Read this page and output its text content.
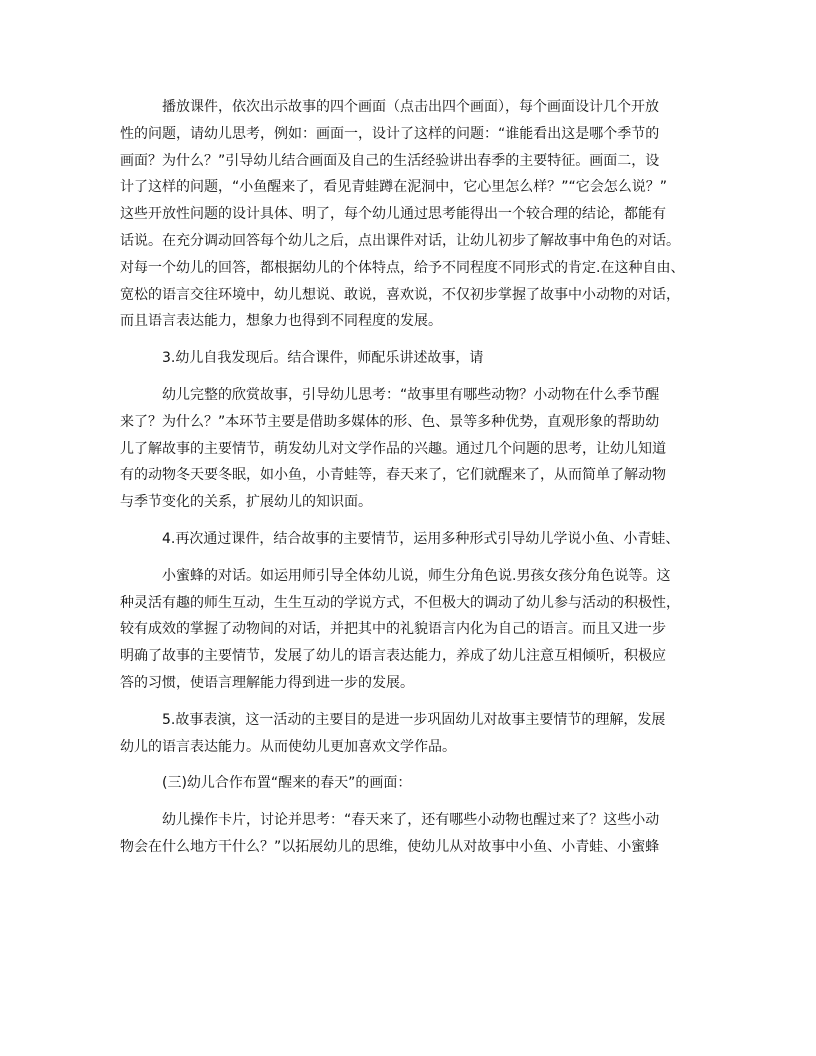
播放课件，依次出示故事的四个画面（点击出四个画面），每个画面设计几个开放
性的问题，请幼儿思考，例如：画面一，设计了这样的问题：“谁能看出这是哪个季节的
画面？为什么？”引导幼儿结合画面及自己的生活经验讲出春季的主要特征。画面二，设
计了这样的问题，“小鱼醒来了，看见青蛙蹲在泥洞中，它心里怎么样？”“它会怎么说？”
这些开放性问题的设计具体、明了，每个幼儿通过思考能得出一个较合理的结论，都能有
话说。在充分调动回答每个幼儿之后，点出课件对话，让幼儿初步了解故事中角色的对话。
对每一个幼儿的回答，都根据幼儿的个体特点，给予不同程度不同形式的肯定.在这种自由、
宽松的语言交往环境中，幼儿想说、敢说，喜欢说，不仅初步掌握了故事中小动物的对话，
而且语言表达能力，想象力也得到不同程度的发展。
3.幼儿自我发现后。结合课件，师配乐讲述故事，请
幼儿完整的欣赏故事，引导幼儿思考：“故事里有哪些动物？小动物在什么季节醒
来了？为什么？”本环节主要是借助多媒体的形、色、景等多种优势，直观形象的帮助幼
儿了解故事的主要情节，萌发幼儿对文学作品的兴趣。通过几个问题的思考，让幼儿知道
有的动物冬天要冬眠，如小鱼，小青蛙等，春天来了，它们就醒来了，从而简单了解动物
与季节变化的关系，扩展幼儿的知识面。
4.再次通过课件，结合故事的主要情节，运用多种形式引导幼儿学说小鱼、小青蛙、
小蜜蜂的对话。如运用师引导全体幼儿说，师生分角色说.男孩女孩分角色说等。这
种灵活有趣的师生互动，生生互动的学说方式，不但极大的调动了幼儿参与活动的积极性，
较有成效的掌握了动物间的对话，并把其中的礼貌语言内化为自己的语言。而且又进一步
明确了故事的主要情节，发展了幼儿的语言表达能力，养成了幼儿注意互相倾听，积极应
答的习惯，使语言理解能力得到进一步的发展。
5.故事表演，这一活动的主要目的是进一步巩固幼儿对故事主要情节的理解，发展
幼儿的语言表达能力。从而使幼儿更加喜欢文学作品。
(三)幼儿合作布置“醒来的春天”的画面：
幼儿操作卡片，讨论并思考：“春天来了，还有哪些小动物也醒过来了？这些小动
物会在什么地方干什么？”以拓展幼儿的思维，使幼儿从对故事中小鱼、小青蛙、小蜜蜂
